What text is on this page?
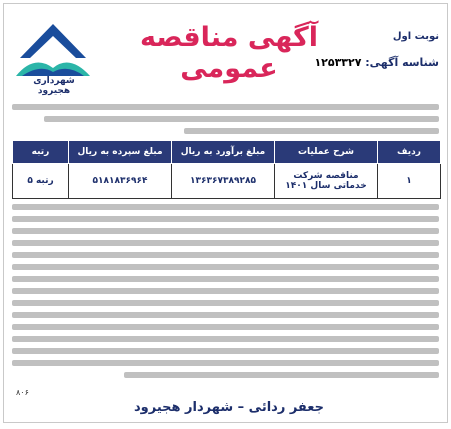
شهرداری هجیرود
آگهی مناقصه عمومی
نوبت اول
شناسه آگهی: ۱۲۵۳۳۲۷
ردیف	شرح عملیات	مبلغ برآورد به ریال	مبلغ سپرده به ریال	رتبه
۱	مناقصه شرکت خدماتی سال ۱۴۰۱	۱۳۶۳۶۷۳۸۹۲۸۵	۵۱۸۱۸۳۶۹۶۴	رتبه ۵
۸۰۶
جعفر ردائی – شهردار هجیرود
